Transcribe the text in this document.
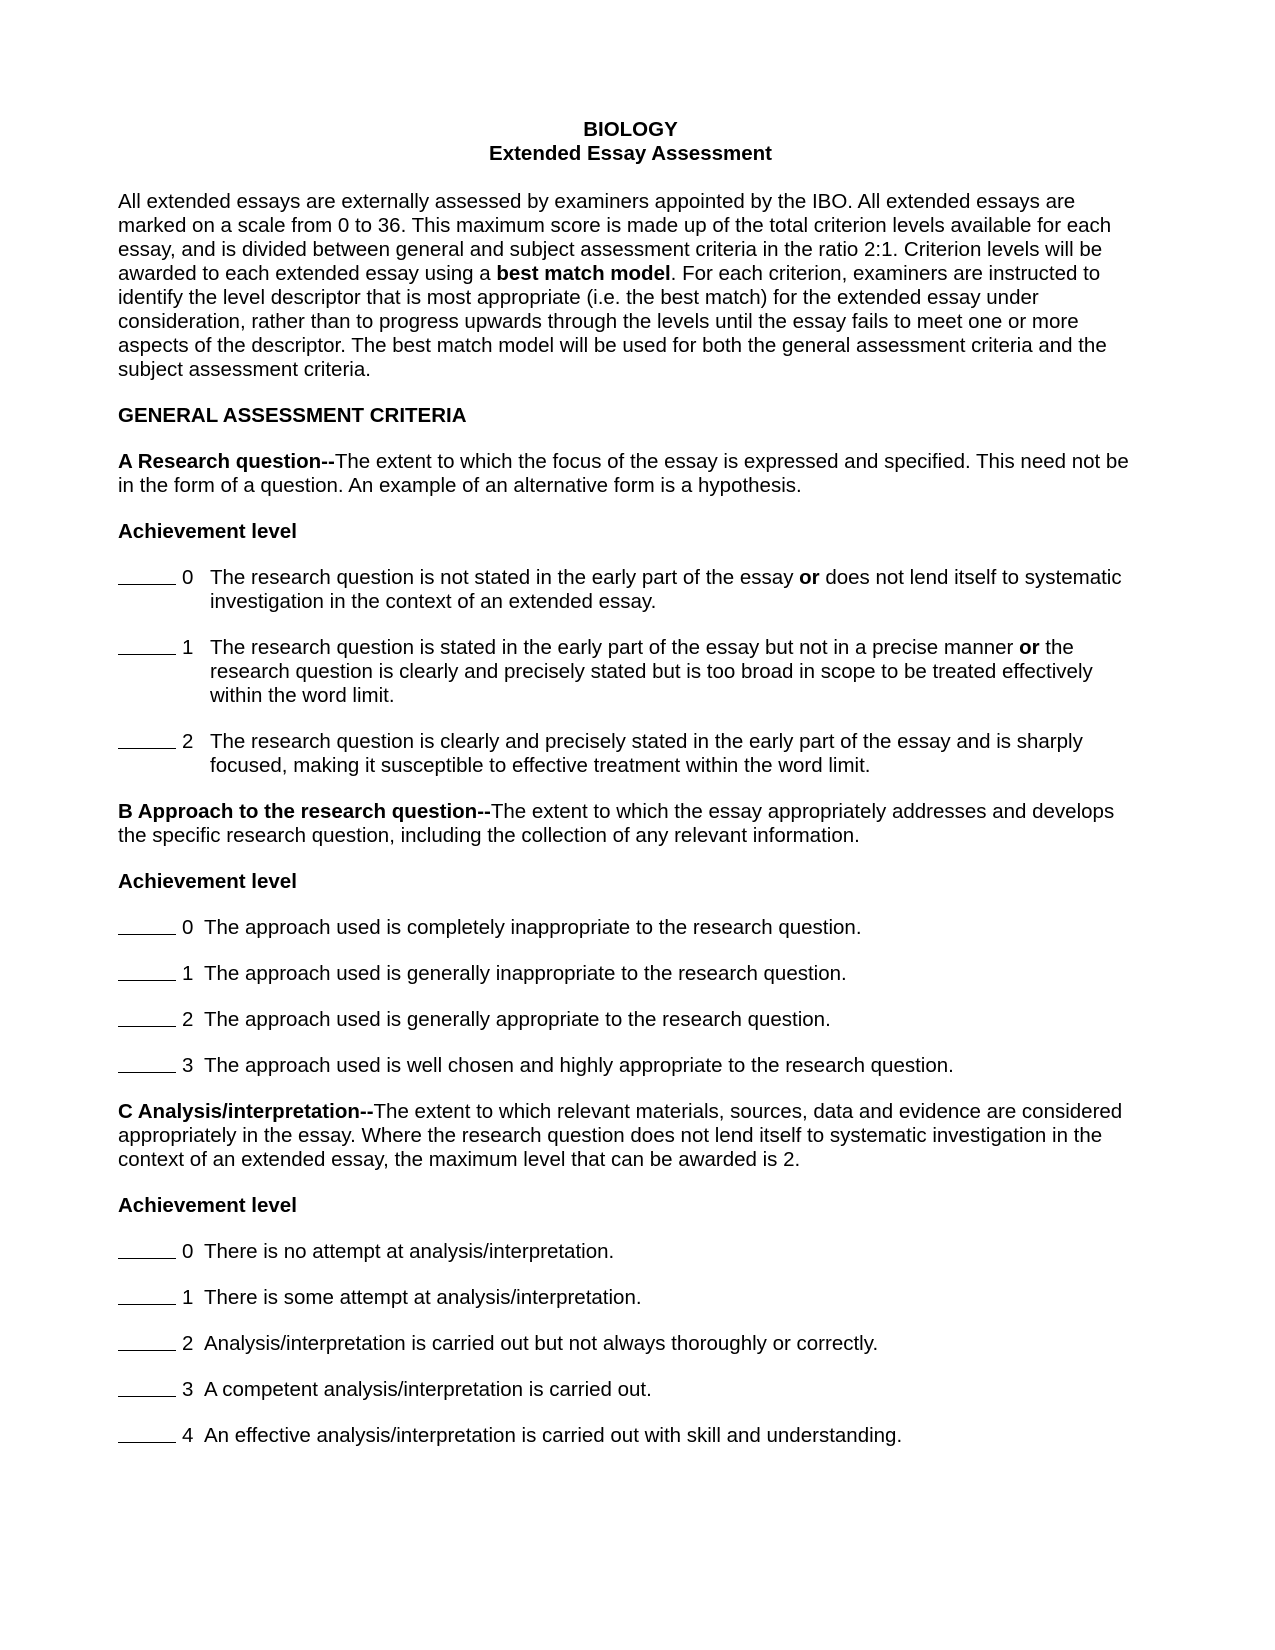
BIOLOGY
Extended Essay Assessment

All extended essays are externally assessed by examiners appointed by the IBO. All extended essays are marked on a scale from 0 to 36. This maximum score is made up of the total criterion levels available for each essay, and is divided between general and subject assessment criteria in the ratio 2:1. Criterion levels will be awarded to each extended essay using a best match model. For each criterion, examiners are instructed to identify the level descriptor that is most appropriate (i.e. the best match) for the extended essay under consideration, rather than to progress upwards through the levels until the essay fails to meet one or more aspects of the descriptor. The best match model will be used for both the general assessment criteria and the subject assessment criteria.

GENERAL ASSESSMENT CRITERIA

A Research question--The extent to which the focus of the essay is expressed and specified. This need not be in the form of a question. An example of an alternative form is a hypothesis.

Achievement level
0 The research question is not stated in the early part of the essay or does not lend itself to systematic investigation in the context of an extended essay.
1 The research question is stated in the early part of the essay but not in a precise manner or the research question is clearly and precisely stated but is too broad in scope to be treated effectively within the word limit.
2 The research question is clearly and precisely stated in the early part of the essay and is sharply focused, making it susceptible to effective treatment within the word limit.

B Approach to the research question--The extent to which the essay appropriately addresses and develops the specific research question, including the collection of any relevant information.

Achievement level
0 The approach used is completely inappropriate to the research question.
1 The approach used is generally inappropriate to the research question.
2 The approach used is generally appropriate to the research question.
3 The approach used is well chosen and highly appropriate to the research question.

C Analysis/interpretation--The extent to which relevant materials, sources, data and evidence are considered appropriately in the essay. Where the research question does not lend itself to systematic investigation in the context of an extended essay, the maximum level that can be awarded is 2.

Achievement level
0 There is no attempt at analysis/interpretation.
1 There is some attempt at analysis/interpretation.
2 Analysis/interpretation is carried out but not always thoroughly or correctly.
3 A competent analysis/interpretation is carried out.
4 An effective analysis/interpretation is carried out with skill and understanding.
